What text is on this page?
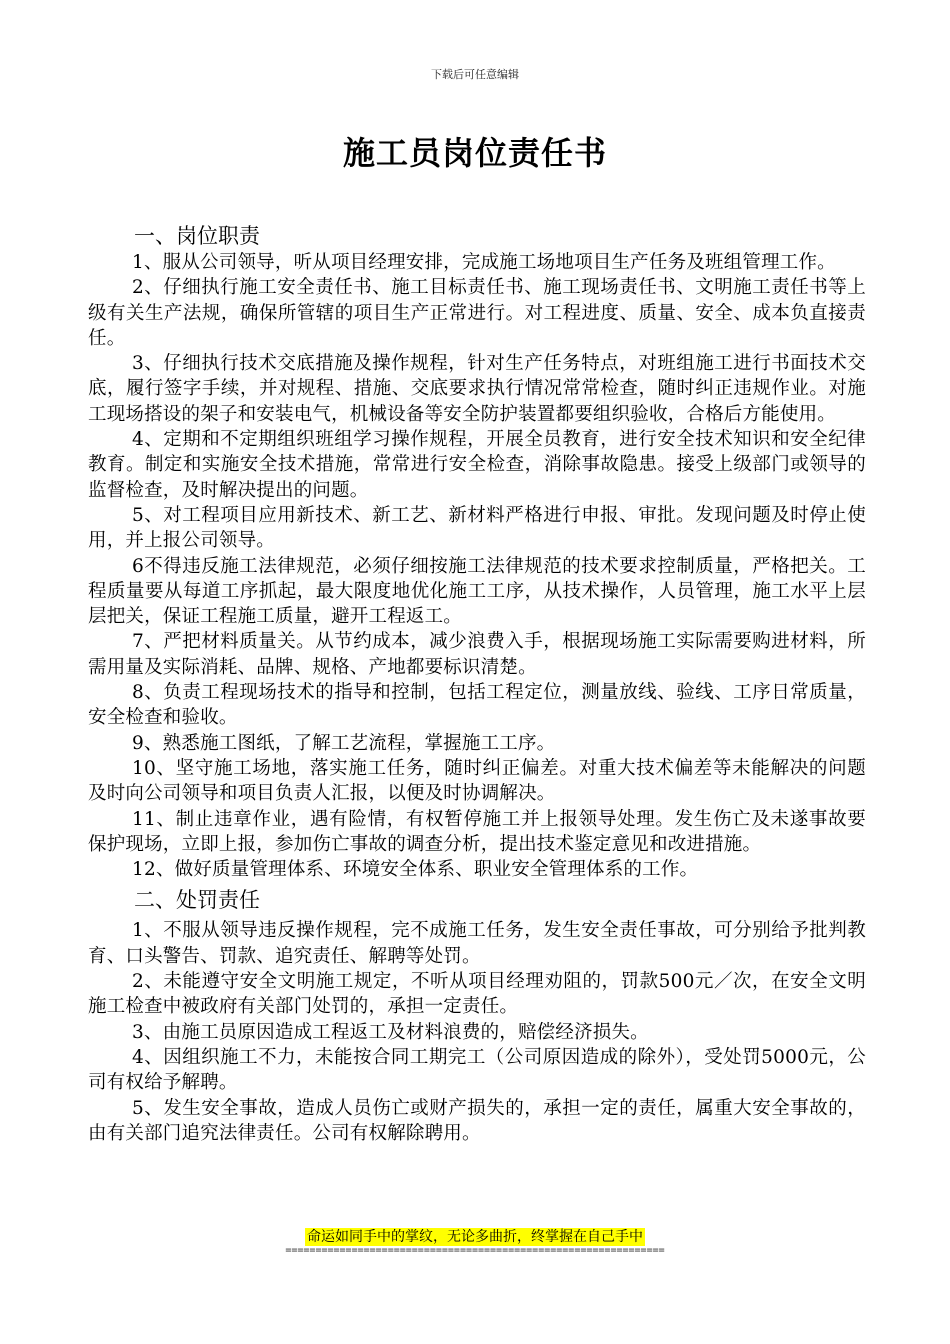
下载后可任意编辑
施工员岗位责任书

一、岗位职责

1、服从公司领导，听从项目经理安排，完成施工场地项目生产任务及班组管理工作。

2、仔细执行施工安全责任书、施工目标责任书、施工现场责任书、文明施工责任书等上级有关生产法规，确保所管辖的项目生产正常进行。对工程进度、质量、安全、成本负直接责任。

3、仔细执行技术交底措施及操作规程，针对生产任务特点，对班组施工进行书面技术交底，履行签字手续，并对规程、措施、交底要求执行情况常常检查，随时纠正违规作业。对施工现场搭设的架子和安装电气，机械设备等安全防护装置都要组织验收，合格后方能使用。

4、定期和不定期组织班组学习操作规程，开展全员教育，进行安全技术知识和安全纪律教育。制定和实施安全技术措施，常常进行安全检查，消除事故隐患。接受上级部门或领导的监督检查，及时解决提出的问题。

5、对工程项目应用新技术、新工艺、新材料严格进行申报、审批。发现问题及时停止使用，并上报公司领导。

6不得违反施工法律规范，必须仔细按施工法律规范的技术要求控制质量，严格把关。工程质量要从每道工序抓起，最大限度地优化施工工序，从技术操作，人员管理，施工水平上层层把关，保证工程施工质量，避开工程返工。

7、严把材料质量关。从节约成本，减少浪费入手，根据现场施工实际需要购进材料，所需用量及实际消耗、品牌、规格、产地都要标识清楚。

8、负责工程现场技术的指导和控制，包括工程定位，测量放线、验线、工序日常质量，安全检查和验收。

9、熟悉施工图纸，了解工艺流程，掌握施工工序。

10、坚守施工场地，落实施工任务，随时纠正偏差。对重大技术偏差等未能解决的问题及时向公司领导和项目负责人汇报，以便及时协调解决。

11、制止违章作业，遇有险情，有权暂停施工并上报领导处理。发生伤亡及未遂事故要保护现场，立即上报，参加伤亡事故的调查分析，提出技术鉴定意见和改进措施。

12、做好质量管理体系、环境安全体系、职业安全管理体系的工作。

二、处罚责任

1、不服从领导违反操作规程，完不成施工任务，发生安全责任事故，可分别给予批判教育、口头警告、罚款、追究责任、解聘等处罚。

2、未能遵守安全文明施工规定，不听从项目经理劝阻的，罚款500元／次，在安全文明施工检查中被政府有关部门处罚的，承担一定责任。

3、由施工员原因造成工程返工及材料浪费的，赔偿经济损失。

4、因组织施工不力，未能按合同工期完工（公司原因造成的除外），受处罚5000元，公司有权给予解聘。

5、发生安全事故，造成人员伤亡或财产损失的，承担一定的责任，属重大安全事故的，由有关部门追究法律责任。公司有权解除聘用。

命运如同手中的掌纹，无论多曲折，终掌握在自己手中
===============================================================
